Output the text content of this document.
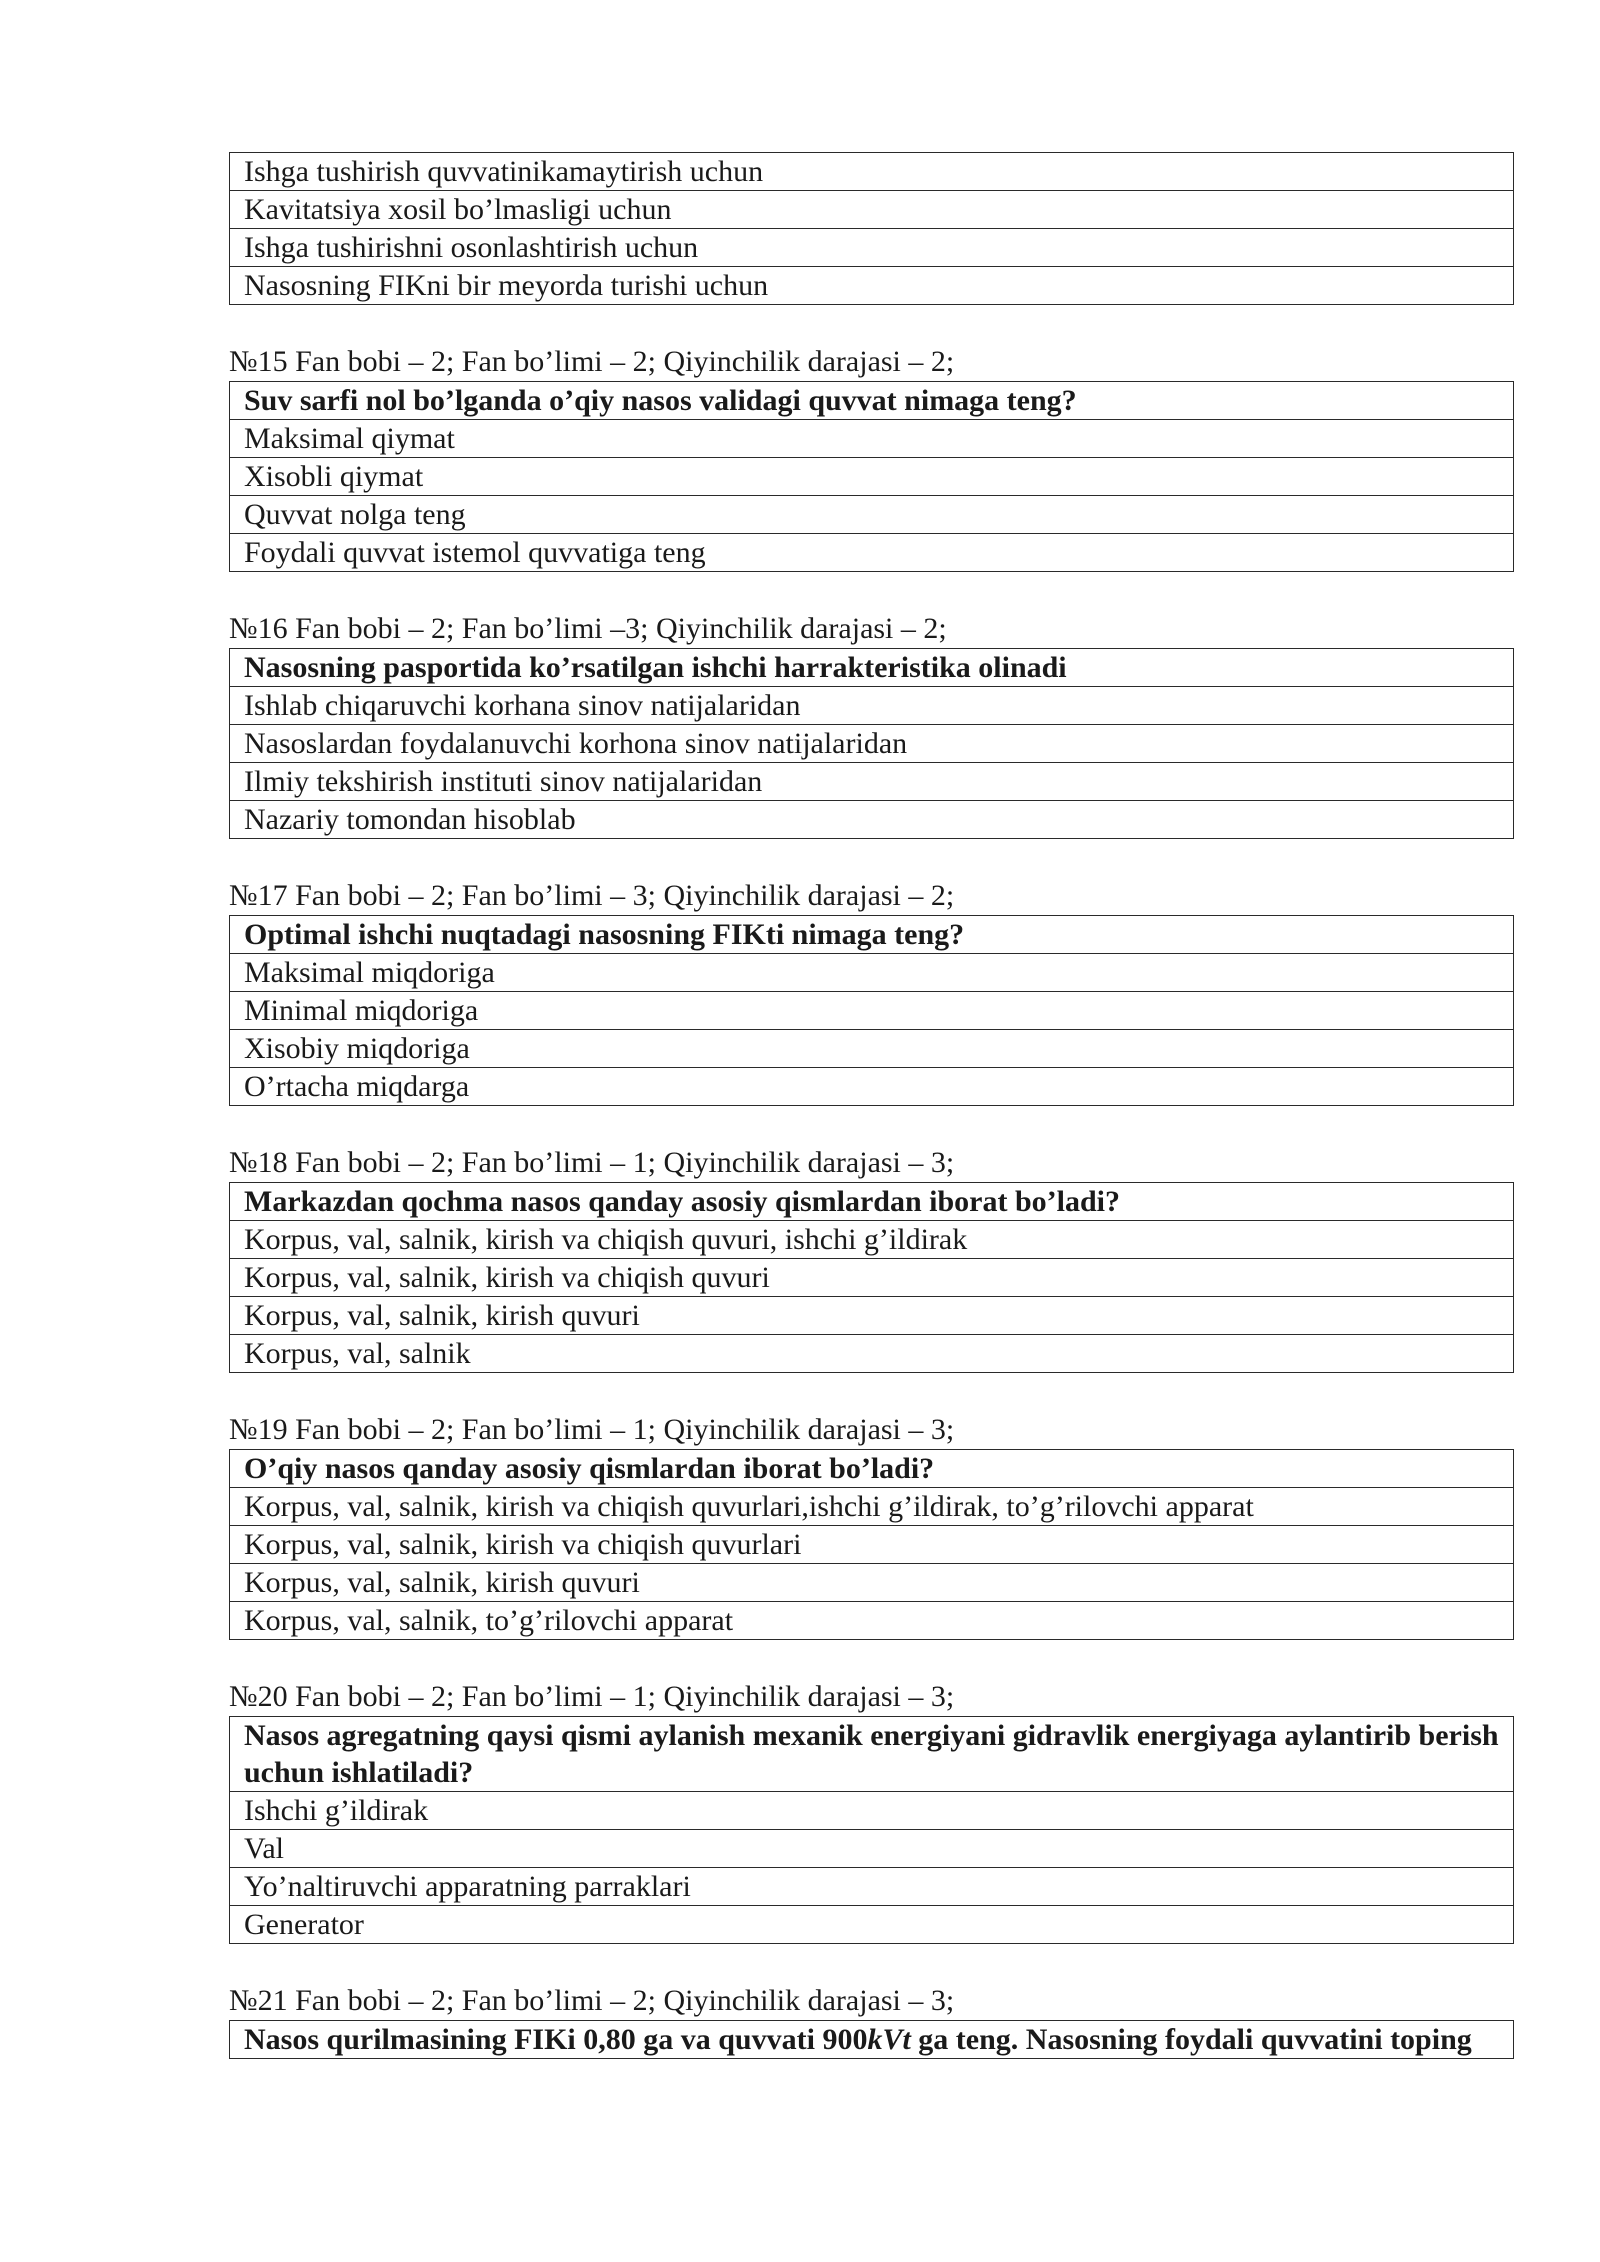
Ishga tushirish quvvatinikamaytirish uchun
Kavitatsiya xosil bo’lmasligi uchun
Ishga tushirishni osonlashtirish uchun
Nasosning FIKni bir meyorda turishi uchun
№15 Fan bobi – 2; Fan bo’limi – 2; Qiyinchilik darajasi – 2;
Suv sarfi nol bo’lganda o’qiy nasos validagi quvvat nimaga teng?
Maksimal qiymat
Xisobli qiymat
Quvvat nolga teng
Foydali quvvat istemol quvvatiga teng
№16 Fan bobi – 2; Fan bo’limi –3; Qiyinchilik darajasi – 2;
Nasosning pasportida ko’rsatilgan ishchi harrakteristika olinadi
Ishlab chiqaruvchi korhana sinov natijalaridan
Nasoslardan foydalanuvchi korhona sinov natijalaridan
Ilmiy tekshirish instituti sinov natijalaridan
Nazariy tomondan hisoblab
№17 Fan bobi – 2; Fan bo’limi – 3; Qiyinchilik darajasi – 2;
Optimal ishchi nuqtadagi nasosning FIKti nimaga teng?
Maksimal miqdoriga
Minimal miqdoriga
Xisobiy miqdoriga
O’rtacha miqdarga
№18 Fan bobi – 2; Fan bo’limi – 1; Qiyinchilik darajasi – 3;
Markazdan qochma nasos qanday asosiy qismlardan iborat bo’ladi?
Korpus, val, salnik, kirish va chiqish quvuri, ishchi g’ildirak
Korpus, val, salnik, kirish va chiqish quvuri
Korpus, val, salnik, kirish quvuri
Korpus, val, salnik
№19 Fan bobi – 2; Fan bo’limi – 1; Qiyinchilik darajasi – 3;
O’qiy nasos qanday asosiy qismlardan iborat bo’ladi?
Korpus, val, salnik, kirish va chiqish quvurlari,ishchi g’ildirak, to’g’rilovchi apparat
Korpus, val, salnik, kirish va chiqish quvurlari
Korpus, val, salnik, kirish quvuri
Korpus, val, salnik, to’g’rilovchi apparat
№20 Fan bobi – 2; Fan bo’limi – 1; Qiyinchilik darajasi – 3;
Nasos agregatning qaysi qismi aylanish mexanik energiyani gidravlik energiyaga aylantirib berish uchun ishlatiladi?
Ishchi g’ildirak
Val
Yo’naltiruvchi apparatning parraklari
Generator
№21 Fan bobi – 2; Fan bo’limi – 2; Qiyinchilik darajasi – 3;
Nasos qurilmasining FIKi 0,80 ga va quvvati 900kVt ga teng. Nasosning foydali quvvatini toping
